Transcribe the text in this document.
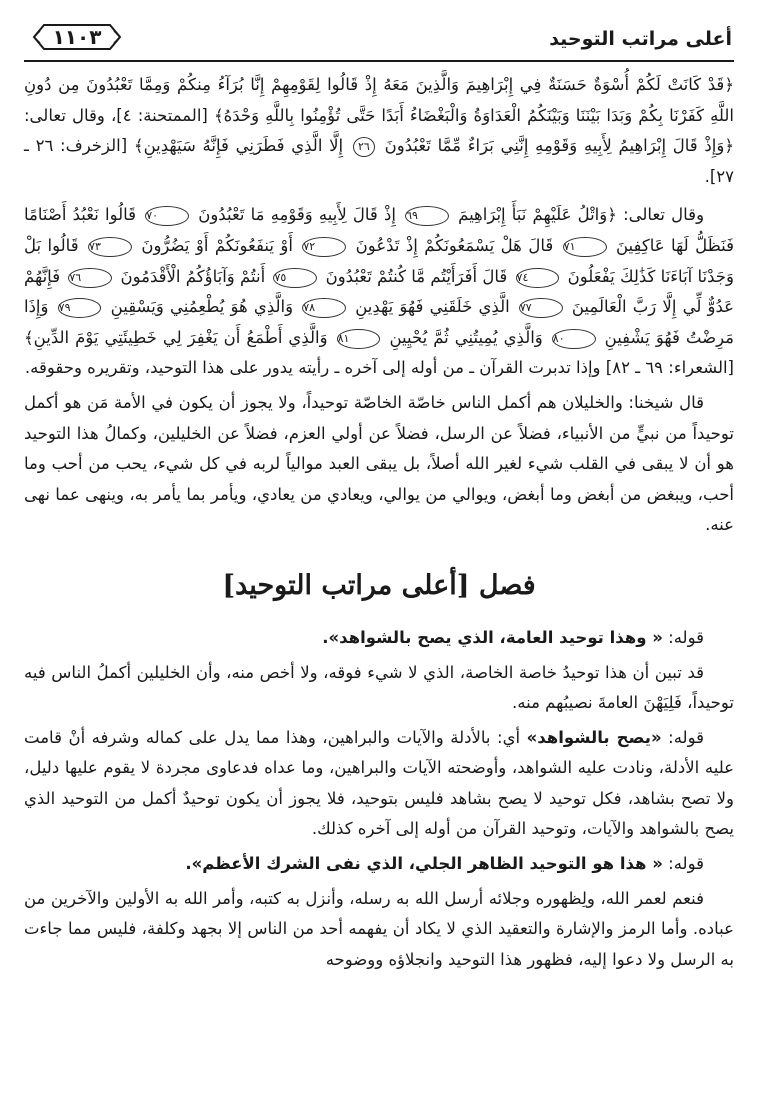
أعلى مراتب التوحيد
١١٠٣

﴿قَدْ كَانَتْ لَكُمْ أُسْوَةٌ حَسَنَةٌ فِي إِبْرَاهِيمَ وَالَّذِينَ مَعَهُ إِذْ قَالُوا لِقَوْمِهِمْ إِنَّا بُرَآءُ مِنكُمْ وَمِمَّا تَعْبُدُونَ مِن دُونِ اللَّهِ كَفَرْنَا بِكُمْ وَبَدَا بَيْنَنَا وَبَيْنَكُمُ الْعَدَاوَةُ وَالْبَغْضَاءُ أَبَدًا حَتَّى تُؤْمِنُوا بِاللَّهِ وَحْدَهُ﴾ [الممتحنة: ٤]، وقال تعالى: ﴿وَإِذْ قَالَ إِبْرَاهِيمُ لِأَبِيهِ وَقَوْمِهِ إِنَّنِي بَرَاءٌ مِّمَّا تَعْبُدُونَ ٢٦ إِلَّا الَّذِي فَطَرَنِي فَإِنَّهُ سَيَهْدِينِ﴾ [الزخرف: ٢٦ ـ ٢٧].

وقال تعالى: ﴿وَاتْلُ عَلَيْهِمْ نَبَأَ إِبْرَاهِيمَ ٦٩ إِذْ قَالَ لِأَبِيهِ وَقَوْمِهِ مَا تَعْبُدُونَ ٧٠ قَالُوا نَعْبُدُ أَصْنَامًا فَنَظَلُّ لَهَا عَاكِفِينَ ٧١ قَالَ هَلْ يَسْمَعُونَكُمْ إِذْ تَدْعُونَ ٧٢ أَوْ يَنفَعُونَكُمْ أَوْ يَضُرُّونَ ٧٣ قَالُوا بَلْ وَجَدْنَا آبَاءَنَا كَذَٰلِكَ يَفْعَلُونَ ٧٤ قَالَ أَفَرَأَيْتُم مَّا كُنتُمْ تَعْبُدُونَ ٧٥ أَنتُمْ وَآبَاؤُكُمُ الْأَقْدَمُونَ ٧٦ فَإِنَّهُمْ عَدُوٌّ لِّي إِلَّا رَبَّ الْعَالَمِينَ ٧٧ الَّذِي خَلَقَنِي فَهُوَ يَهْدِينِ ٧٨ وَالَّذِي هُوَ يُطْعِمُنِي وَيَسْقِينِ ٧٩ وَإِذَا مَرِضْتُ فَهُوَ يَشْفِينِ ٨٠ وَالَّذِي يُمِيتُنِي ثُمَّ يُحْيِينِ ٨١ وَالَّذِي أَطْمَعُ أَن يَغْفِرَ لِي خَطِيئَتِي يَوْمَ الدِّينِ﴾ [الشعراء: ٦٩ ـ ٨٢] وإذا تدبرت القرآن ـ من أوله إلى آخره ـ رأيته يدور على هذا التوحيد، وتقريره وحقوقه.

قال شيخنا: والخليلان هم أكمل الناس خاصّة الخاصّة توحيداً، ولا يجوز أن يكون في الأمة مَن هو أكمل توحيداً من نبيٍّ من الأنبياء، فضلاً عن الرسل، فضلاً عن أولي العزم، فضلاً عن الخليلين، وكمالُ هذا التوحيد هو أن لا يبقى في القلب شيء لغير الله أصلاً، بل يبقى العبد موالياً لربه في كل شيء، يحب من أحب وما أحب، ويبغض من أبغض وما أبغض، ويوالي من يوالي، ويعادي من يعادي، ويأمر بما يأمر به، وينهى عما نهى عنه.

فصل [أعلى مراتب التوحيد]

قوله: « وهذا توحيد العامة، الذي يصح بالشواهد».

قد تبين أن هذا توحيدُ خاصة الخاصة، الذي لا شيء فوقه، ولا أخص منه، وأن الخليلين أكملُ الناس فيه توحيداً، فَلِيَهْنَ العامةَ نصيبُهم منه.

قوله: «يصح بالشواهد» أي: بالأدلة والآيات والبراهين، وهذا مما يدل على كماله وشرفه أنْ قامت عليه الأدلة، ونادت عليه الشواهد، وأوضحته الآيات والبراهين، وما عداه فدعاوى مجردة لا يقوم عليها دليل، ولا تصح بشاهد، فكل توحيد لا يصح بشاهد فليس بتوحيد، فلا يجوز أن يكون توحيدٌ أكمل من التوحيد الذي يصح بالشواهد والآيات، وتوحيد القرآن من أوله إلى آخره كذلك.

قوله: « هذا هو التوحيد الظاهر الجلي، الذي نفى الشرك الأعظم».

فنعم لعمر الله، ولِظهوره وجلائه أرسل الله به رسله، وأنزل به كتبه، وأمر الله به الأولين والآخرين من عباده. وأما الرمز والإشارة والتعقيد الذي لا يكاد أن يفهمه أحد من الناس إلا بجهد وكلفة، فليس مما جاءت به الرسل ولا دعوا إليه، فظهور هذا التوحيد وانجلاؤه ووضوحه
